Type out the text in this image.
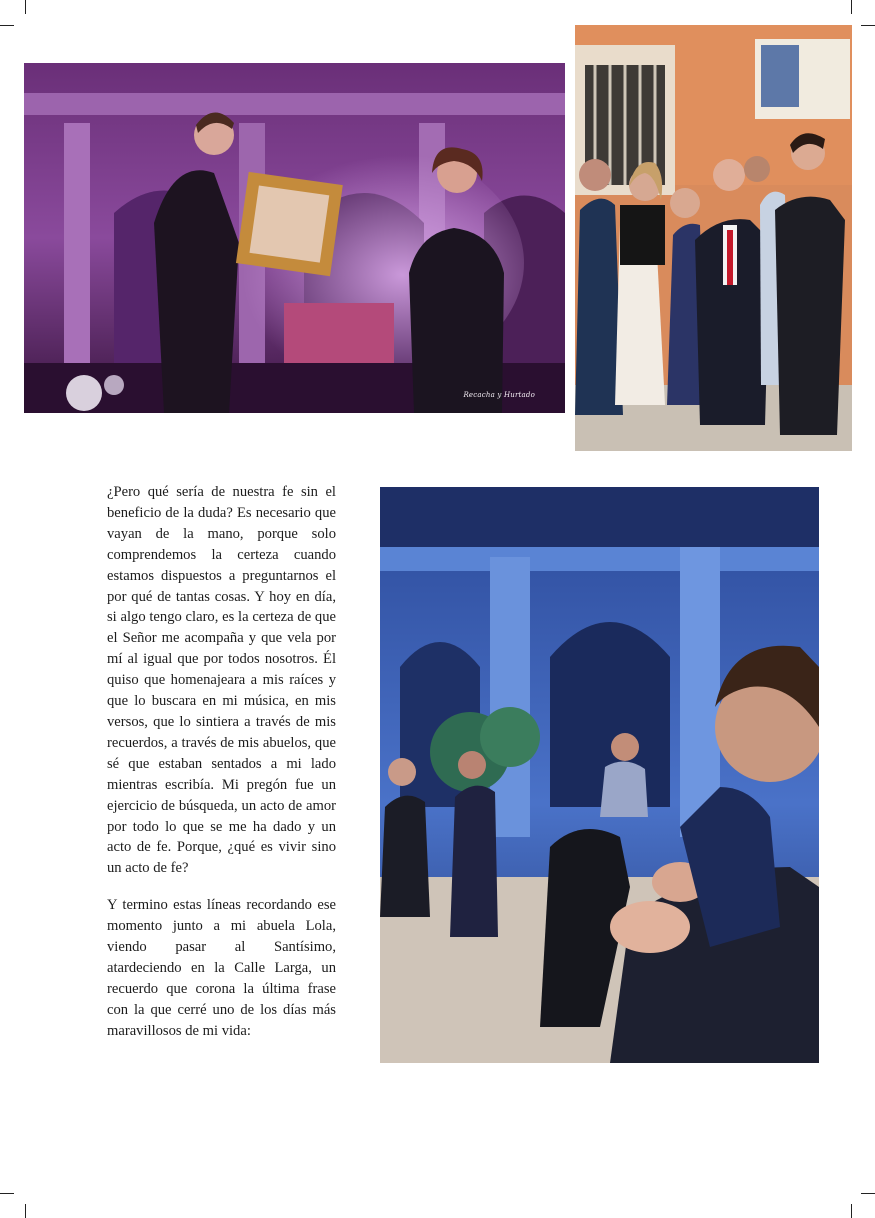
Recacha y Hurtado

¿Pero qué sería de nuestra fe sin el beneficio de la duda? Es necesario que vayan de la mano, porque solo comprendemos la certeza cuando estamos dispuestos a preguntarnos el por qué de tantas cosas. Y hoy en día, si algo tengo claro, es la certeza de que el Señor me acompaña y que vela por mí al igual que por todos nosotros. Él quiso que homenajeara a mis raíces y que lo buscara en mi música, en mis versos, que lo sintiera a través de mis recuerdos, a través de mis abuelos, que sé que estaban sentados a mi lado mientras escribía. Mi pregón fue un ejercicio de búsqueda, un acto de amor por todo lo que se me ha dado y un acto de fe. Porque, ¿qué es vivir sino un acto de fe?

Y termino estas líneas recordando ese momento junto a mi abuela Lola, viendo pasar al Santísimo, atardeciendo en la Calle Larga, un recuerdo que corona la última frase con la que cerré uno de los días más maravillosos de mi vida:
